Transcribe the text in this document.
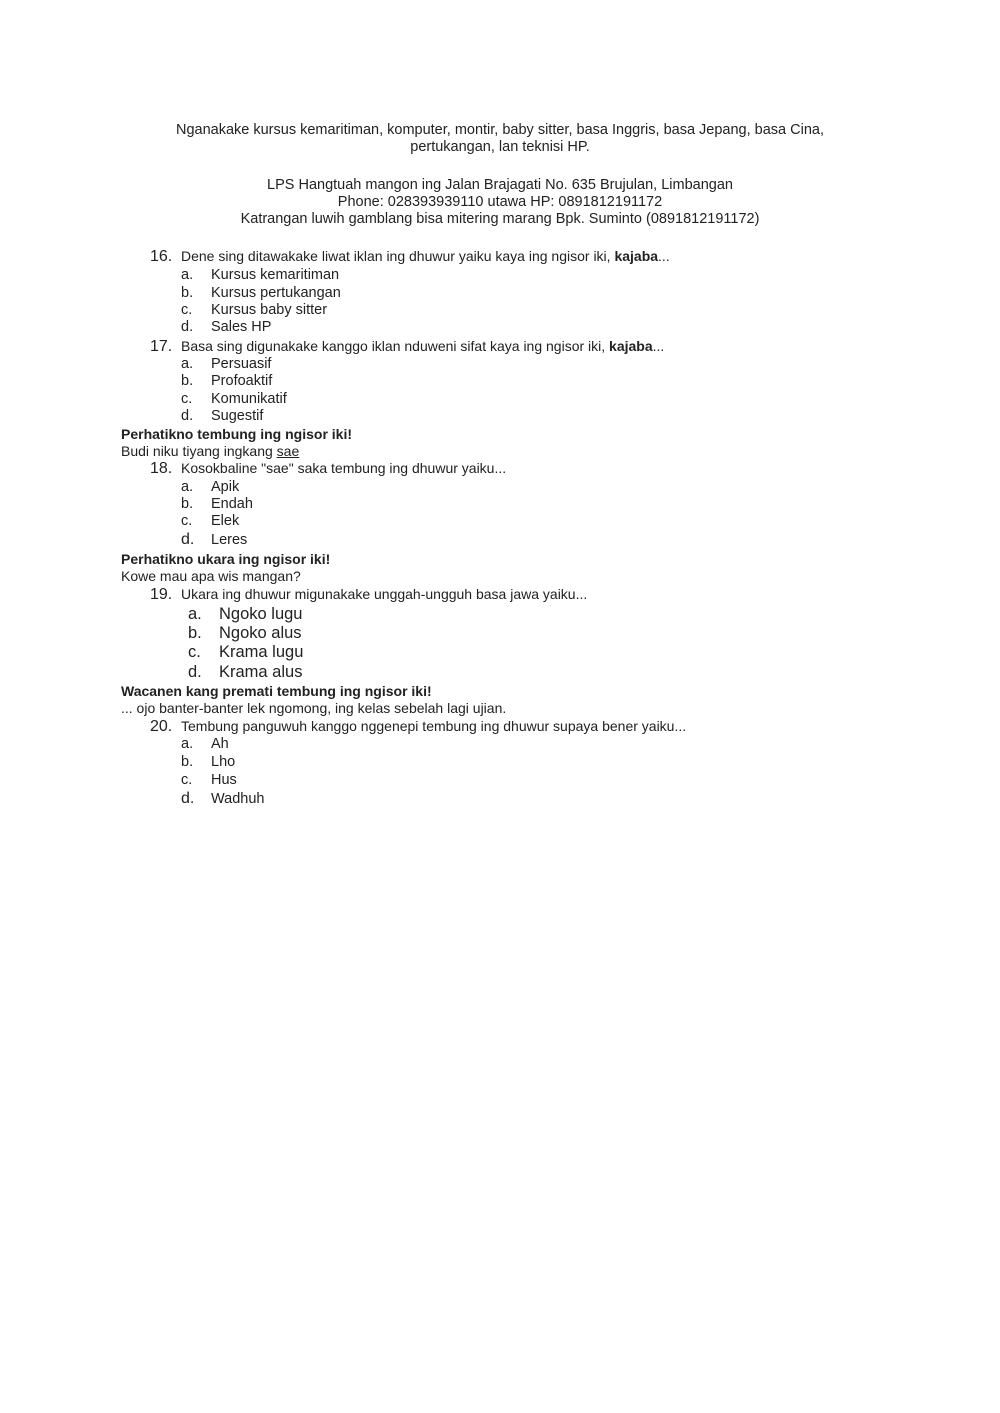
Nganakake kursus kemaritiman, komputer, montir, baby sitter, basa Inggris, basa Jepang, basa Cina,

pertukangan, lan teknisi HP.

LPS Hangtuah mangon ing Jalan Brajagati No. 635 Brujulan, Limbangan

Phone: 028393939110 utawa HP: 0891812191172

Katrangan luwih gamblang bisa mitering marang Bpk. Suminto (0891812191172)

16. Dene sing ditawakake liwat iklan ing dhuwur yaiku kaya ing ngisor iki, kajaba...
a. Kursus kemaritiman
b. Kursus pertukangan
c. Kursus baby sitter
d. Sales HP
17. Basa sing digunakake kanggo iklan nduweni sifat kaya ing ngisor iki, kajaba...
a. Persuasif
b. Profoaktif
c. Komunikatif
d. Sugestif
Perhatikno tembung ing ngisor iki!
Budi niku tiyang ingkang sae
18. Kosokbaline "sae" saka tembung ing dhuwur yaiku...
a. Apik
b. Endah
c. Elek
d. Leres
Perhatikno ukara ing ngisor iki!
Kowe mau apa wis mangan?
19. Ukara ing dhuwur migunakake unggah-ungguh basa jawa yaiku...
a. Ngoko lugu
b. Ngoko alus
c. Krama lugu
d. Krama alus
Wacanen kang premati tembung ing ngisor iki!
... ojo banter-banter lek ngomong, ing kelas sebelah lagi ujian.
20. Tembung panguwuh kanggo nggenepi tembung ing dhuwur supaya bener yaiku...
a. Ah
b. Lho
c. Hus
d. Wadhuh
